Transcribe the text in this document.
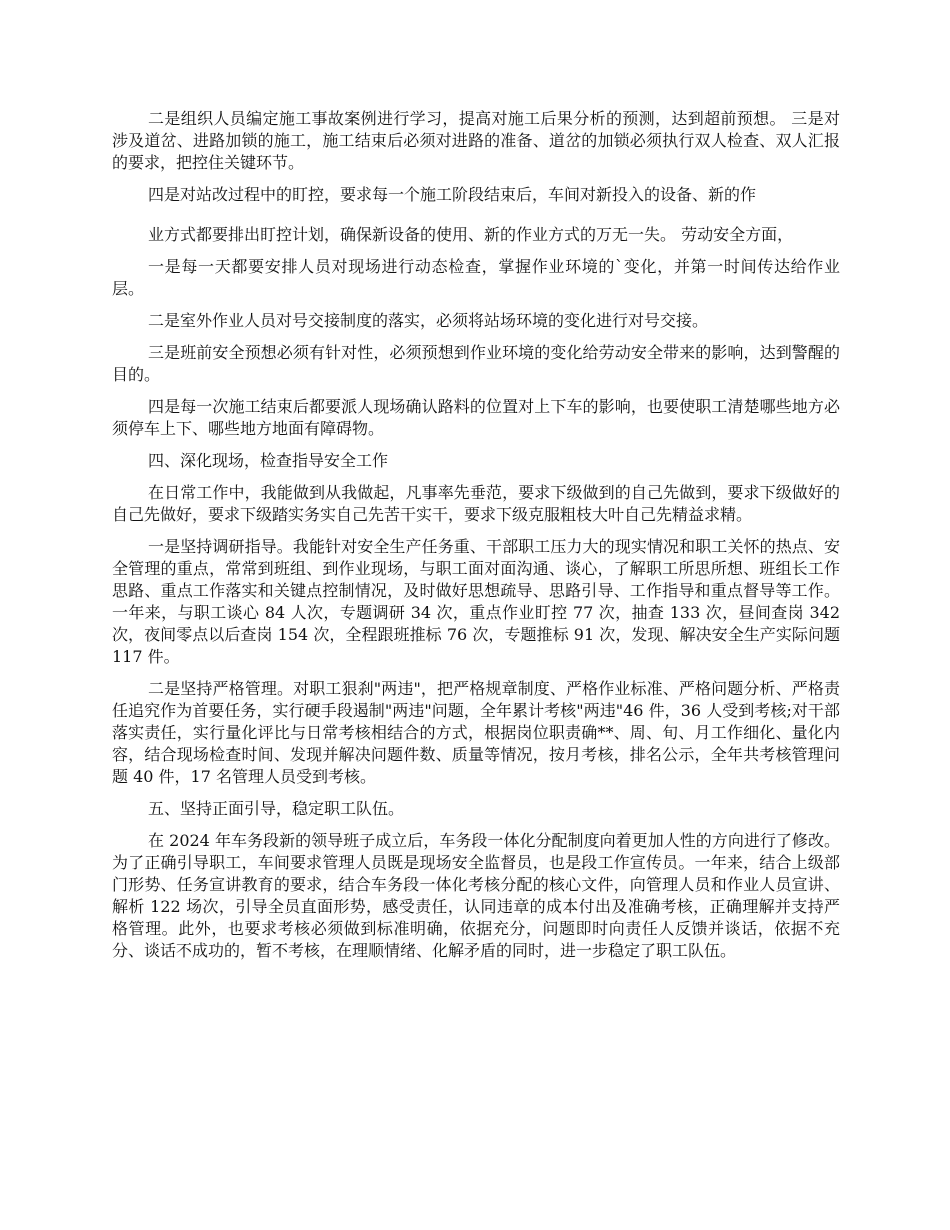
二是组织人员编定施工事故案例进行学习，提高对施工后果分析的预测，达到超前预想。 三是对涉及道岔、进路加锁的施工，施工结束后必须对进路的准备、道岔的加锁必须执行双人检查、双人汇报的要求，把控住关键环节。

四是对站改过程中的盯控，要求每一个施工阶段结束后，车间对新投入的设备、新的作

业方式都要排出盯控计划，确保新设备的使用、新的作业方式的万无一失。 劳动安全方面，

一是每一天都要安排人员对现场进行动态检查，掌握作业环境的`变化，并第一时间传达给作业层。

二是室外作业人员对号交接制度的落实，必须将站场环境的变化进行对号交接。

三是班前安全预想必须有针对性，必须预想到作业环境的变化给劳动安全带来的影响，达到警醒的目的。

四是每一次施工结束后都要派人现场确认路料的位置对上下车的影响，也要使职工清楚哪些地方必须停车上下、哪些地方地面有障碍物。

四、深化现场，检查指导安全工作

在日常工作中，我能做到从我做起，凡事率先垂范，要求下级做到的自己先做到，要求下级做好的自己先做好，要求下级踏实务实自己先苦干实干，要求下级克服粗枝大叶自己先精益求精。

一是坚持调研指导。我能针对安全生产任务重、干部职工压力大的现实情况和职工关怀的热点、安全管理的重点，常常到班组、到作业现场，与职工面对面沟通、谈心，了解职工所思所想、班组长工作思路、重点工作落实和关键点控制情况，及时做好思想疏导、思路引导、工作指导和重点督导等工作。一年来，与职工谈心 84 人次，专题调研 34 次，重点作业盯控 77 次，抽查 133 次，昼间查岗 342 次，夜间零点以后查岗 154 次，全程跟班推标 76 次，专题推标 91 次，发现、解决安全生产实际问题 117 件。

二是坚持严格管理。对职工狠刹"两违"，把严格规章制度、严格作业标准、严格问题分析、严格责任追究作为首要任务，实行硬手段遏制"两违"问题，全年累计考核"两违"46 件，36 人受到考核;对干部落实责任，实行量化评比与日常考核相结合的方式，根据岗位职责确**、周、旬、月工作细化、量化内容，结合现场检查时间、发现并解决问题件数、质量等情况，按月考核，排名公示，全年共考核管理问题 40 件，17 名管理人员受到考核。

五、坚持正面引导，稳定职工队伍。

在 2024 年车务段新的领导班子成立后，车务段一体化分配制度向着更加人性的方向进行了修改。为了正确引导职工，车间要求管理人员既是现场安全监督员，也是段工作宣传员。一年来，结合上级部门形势、任务宣讲教育的要求，结合车务段一体化考核分配的核心文件，向管理人员和作业人员宣讲、解析 122 场次，引导全员直面形势，感受责任，认同违章的成本付出及准确考核，正确理解并支持严格管理。此外，也要求考核必须做到标准明确，依据充分，问题即时向责任人反馈并谈话，依据不充分、谈话不成功的，暂不考核，在理顺情绪、化解矛盾的同时，进一步稳定了职工队伍。
